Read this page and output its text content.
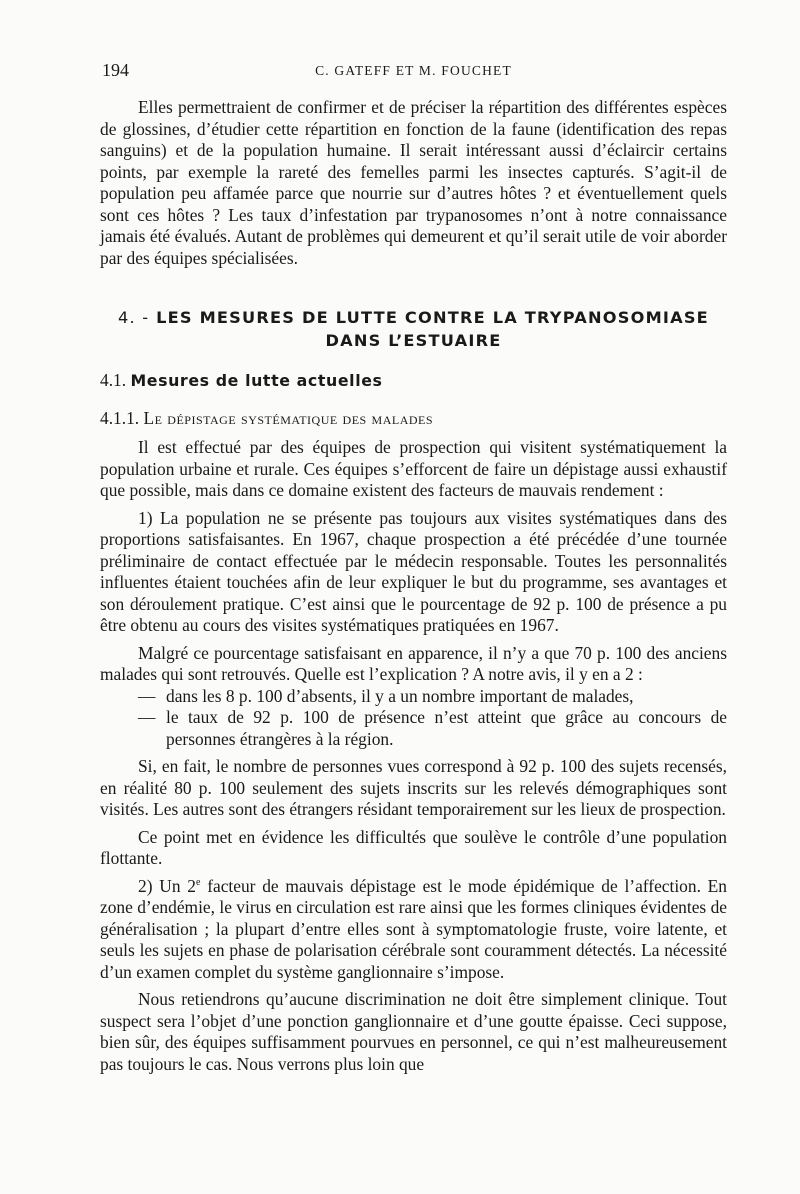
194	C. GATEFF ET M. FOUCHET

Elles permettraient de confirmer et de préciser la répartition des différentes espèces de glossines, d’étudier cette répartition en fonction de la faune (identification des repas sanguins) et de la population humaine. Il serait intéressant aussi d’éclaircir certains points, par exemple la rareté des femelles parmi les insectes capturés. S’agit-il de population peu affamée parce que nourrie sur d’autres hôtes ? et éventuellement quels sont ces hôtes ? Les taux d’infestation par trypanosomes n’ont à notre connaissance jamais été évalués. Autant de problèmes qui demeurent et qu’il serait utile de voir aborder par des équipes spécialisées.

4. - LES MESURES DE LUTTE CONTRE LA TRYPANOSOMIASE
DANS L’ESTUAIRE
4.1. Mesures de lutte actuelles
4.1.1. Le dépistage systématique des malades

Il est effectué par des équipes de prospection qui visitent systématiquement la population urbaine et rurale. Ces équipes s’efforcent de faire un dépistage aussi exhaustif que possible, mais dans ce domaine existent des facteurs de mauvais rendement :

1) La population ne se présente pas toujours aux visites systématiques dans des proportions satisfaisantes. En 1967, chaque prospection a été précédée d’une tournée préliminaire de contact effectuée par le médecin responsable. Toutes les personnalités influentes étaient touchées afin de leur expliquer le but du programme, ses avantages et son déroulement pratique. C’est ainsi que le pourcentage de 92 p. 100 de présence a pu être obtenu au cours des visites systématiques pratiquées en 1967.

Malgré ce pourcentage satisfaisant en apparence, il n’y a que 70 p. 100 des anciens malades qui sont retrouvés. Quelle est l’explication ? A notre avis, il y en a 2 :

— dans les 8 p. 100 d’absents, il y a un nombre important de malades,
— le taux de 92 p. 100 de présence n’est atteint que grâce au concours de personnes étrangères à la région.

Si, en fait, le nombre de personnes vues correspond à 92 p. 100 des sujets recensés, en réalité 80 p. 100 seulement des sujets inscrits sur les relevés démographiques sont visités. Les autres sont des étrangers résidant temporairement sur les lieux de prospection.

Ce point met en évidence les difficultés que soulève le contrôle d’une population flottante.

2) Un 2e facteur de mauvais dépistage est le mode épidémique de l’affection. En zone d’endémie, le virus en circulation est rare ainsi que les formes cliniques évidentes de généralisation ; la plupart d’entre elles sont à symptomatologie fruste, voire latente, et seuls les sujets en phase de polarisation cérébrale sont couramment détectés. La nécessité d’un examen complet du système ganglionnaire s’impose.

Nous retiendrons qu’aucune discrimination ne doit être simplement clinique. Tout suspect sera l’objet d’une ponction ganglionnaire et d’une goutte épaisse. Ceci suppose, bien sûr, des équipes suffisamment pourvues en personnel, ce qui n’est malheureusement pas toujours le cas. Nous verrons plus loin que
